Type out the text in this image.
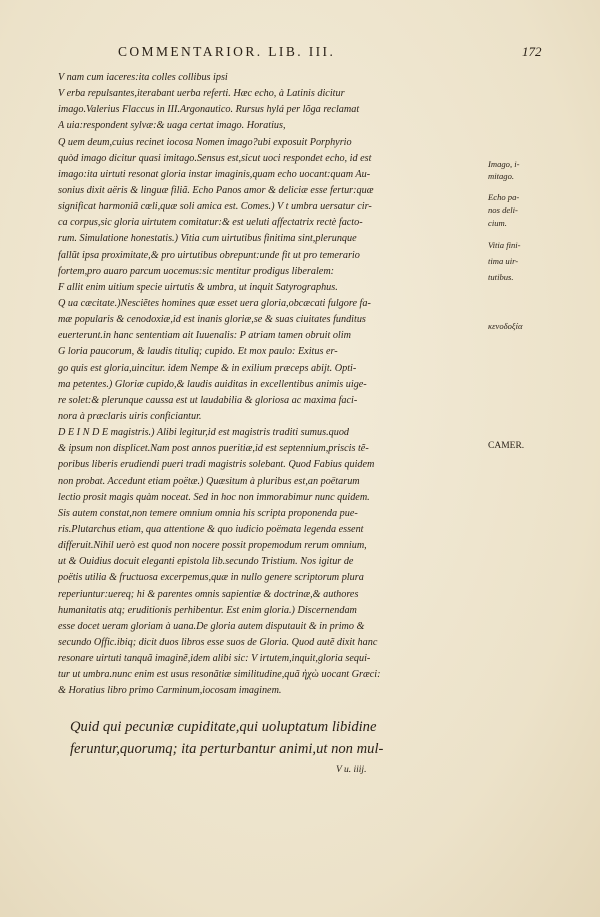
COMMENTARIOR. LIB. III.	172
V nam cum iaceres:ita colles collibus ipsi
V erba repulsantes,iterabant uerba referti. Hæc echo, à Latinis dicitur
imago.Valerius Flaccus in III.Argonautico. Rursus hylá per lõga reclamat
A uia:respondent sylvæ:& uaga certat imago. Horatius,
Q uem deum,cuius recinet iocosa Nomen imago?ubi exposuit Porphyrio
quòd imago dicitur quasi imitago.Sensus est,sicut uoci respondet echo, id est
imago:ita uirtuti resonat gloria instar imaginis,quam echo uocant:quam Au-
sonius dixit aëris & linguæ filiã. Echo Panos amor & deliciæ esse fertur:quæ
significat harmoniã cœli,quæ soli amica est. Comes.) V t umbra uersatur cir-
ca corpus,sic gloria uirtutem comitatur:& est ueluti affectatrix rectè facto-
rum. Simulatione honestatis.) Vitia cum uirtutibus finitima sint,plerunque
fallũt ipsa proximitate,& pro uirtutibus obrepunt:unde fit ut pro temerario
fortem,pro auaro parcum uocemus:sic mentitur prodigus liberalem:
F allit enim uitium specie uirtutis & umbra, ut inquit Satyrographus.
Q ua cæcitate.)Nesciẽtes homines quæ esset uera gloria,obcæcati fulgore fa-
mæ popularis & cenodoxiæ,id est inanis gloriæ,se & suas ciuitates funditus
euerterunt.in hanc sententiam ait Iuuenalis: P atriam tamen obruit olim
G loria paucorum, & laudis tituliq; cupido. Et mox paulo: Exitus er-
go quis est gloria,uincitur. idem Nempe & in exilium præceps abijt. Opti-
ma petentes.) Gloriæ cupido,& laudis auiditas in excellentibus animis uige-
re solet:& plerunque caussa est ut laudabilia & gloriosa ac maxima faci-
nora à præclaris uiris conficiantur.
D E I N D E magistris.) Alibi legitur,id est magistris traditi sumus.quod
& ipsum non displicet.Nam post annos pueritiæ,id est septennium,priscis tẽ-
poribus liberis erudiendi pueri tradi magistris solebant. Quod Fabius quidem
non probat. Accedunt etiam poëtæ.) Quæsitum à pluribus est,an poëtarum
lectio prosit magis quàm noceat. Sed in hoc non immorabimur nunc quidem.
Sis autem constat,non temere omnium omnia his scripta proponenda pue-
ris.Plutarchus etiam, qua attentione & quo iudicio poëmata legenda essent
differuit.Nihil uerò est quod non nocere possit propemodum rerum omnium,
ut & Ouidius docuit eleganti epistola lib.secundo Tristium. Nos igitur de
poëtis utilia & fructuosa excerpemus,quæ in nullo genere scriptorum plura
reperiuntur:uereq; hi & parentes omnis sapientiæ & doctrinæ,& authores
humanitatis atq; eruditionis perhibentur. Est enim gloria.) Discernendam
esse docet ueram gloriam à uana.De gloria autem disputauit & in primo &
secundo Offic.ibiq; dicit duos libros esse suos de Gloria. Quod autẽ dixit hanc
resonare uirtuti tanquã imaginẽ,idem alibi sic: V irtutem,inquit,gloria sequi-
tur ut umbra.nunc enim est usus resonãtiæ similitudine,quã ἠχὼ uocant Græci:
& Horatius libro primo Carminum,iocosam imaginem.
Quid qui pecuniæ cupiditate,qui uoluptatum libidine
feruntur,quorumq; ita perturbantur animi,ut non mul-
V u. iiij.
Imago, i-
mitago.
Echo pa-
nos deli-
cium.
Vitia fini-
tima uir-
tutibus.
κενοδοξία
CAMER.
